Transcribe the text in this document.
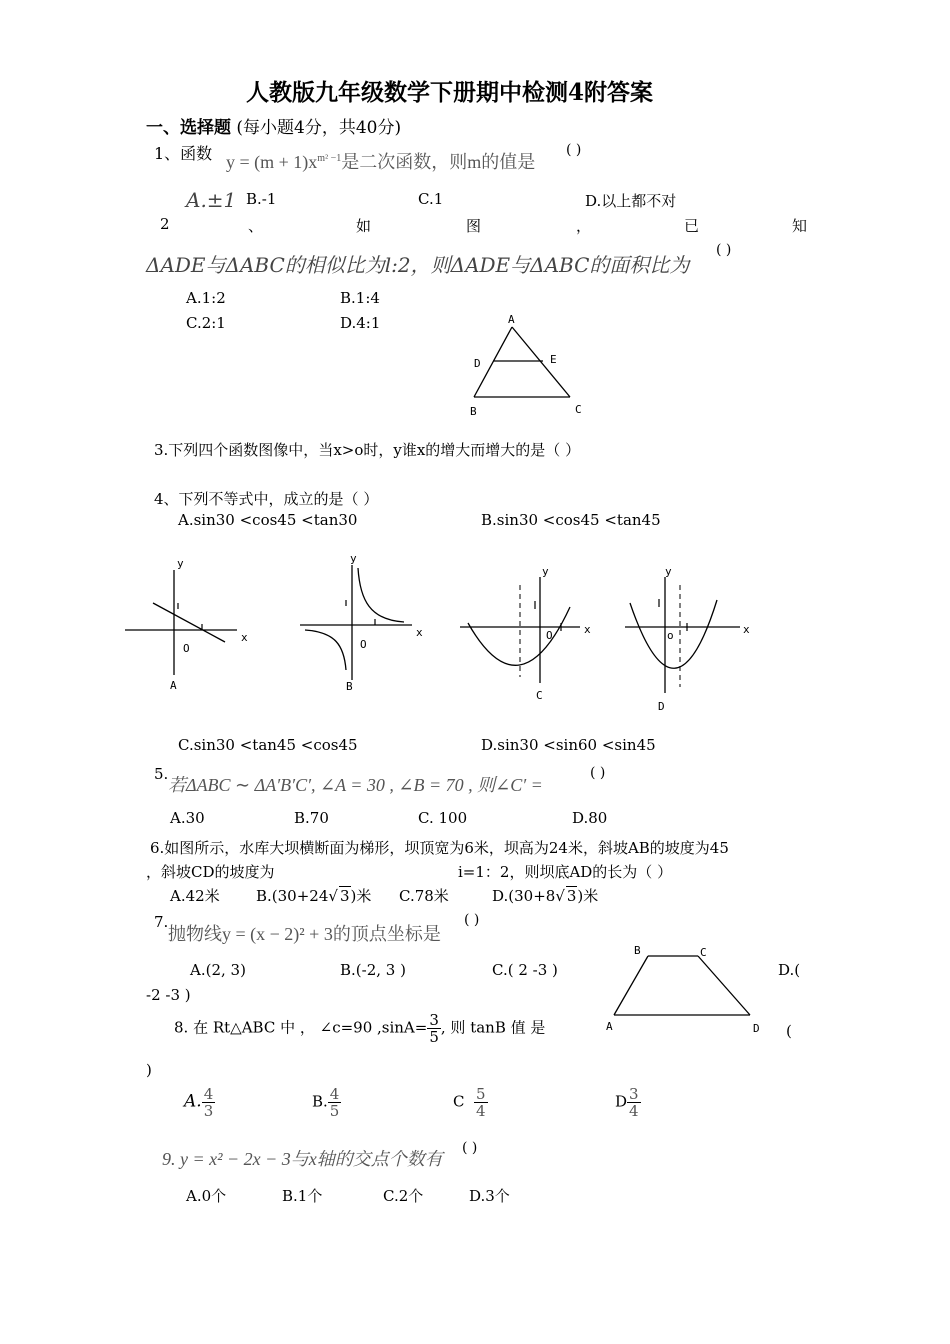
人教版九年级数学下册期中检测4附答案
一、选择题 (每小题4分，共40分)
1、函数 $y = (m + 1)x^{m^2 -1}$是二次函数，则m的值是
( )
A.±1 B.-1	C.1	D.以上都不对
2	、	如	图	，	已	知
ΔADE与ΔABC的相似比为l:2，则ΔADE与ΔABC的面积比为
( )
A.1:2	B.1:4
C.2:1	D.4:1	A
D	E
B	C
3.下列四个函数图像中，当x>o时，y谁x的增大而增大的是（ ）
4、下列不等式中，成立的是（ ）
A.sin30 <cos45 <tan30	B.sin30 <cos45 <tan45
y
x
O
A
y
x
O
B
y
x
O
C
y
x
o
D
C.sin30 <tan45 <cos45	D.sin30 <sin60 <sin45
5.
若ΔABC ∼ ΔA′B′C′, ∠A = 30 , ∠B = 70 , 则∠C′ =
( )
A.30	B.70	C. 100	D.80
6.如图所示，水库大坝横断面为梯形，坝顶宽为6米，坝高为24米，斜坡AB的坡度为45
，斜坡CD的坡度为	i=1：2，则坝底AD的长为（ ）
A.42米 B.(30+24√ 3)米 C.78米	D.(30+8√ 3)米
7.
抛物线y = (x − 2)² + 3的顶点坐标是
( )
A.(2, 3)	B.(-2, 3 )	C.( 2 -3 )	D.(
-2 -3 )
B	C
A	D
8. 在 Rt△ABC 中 ， ∠c=90 $,\sin A= \frac{3}{5}$ , 则 tanB 值 是	(
)
A. $\frac{4}{3}$	B. $\frac{4}{5}$	C $\frac{5}{4}$	D $\frac{3}{4}$
9. y = x² − 2x − 3与x轴的交点个数有
( )
A.0个	B.1个	C.2个	D.3个
